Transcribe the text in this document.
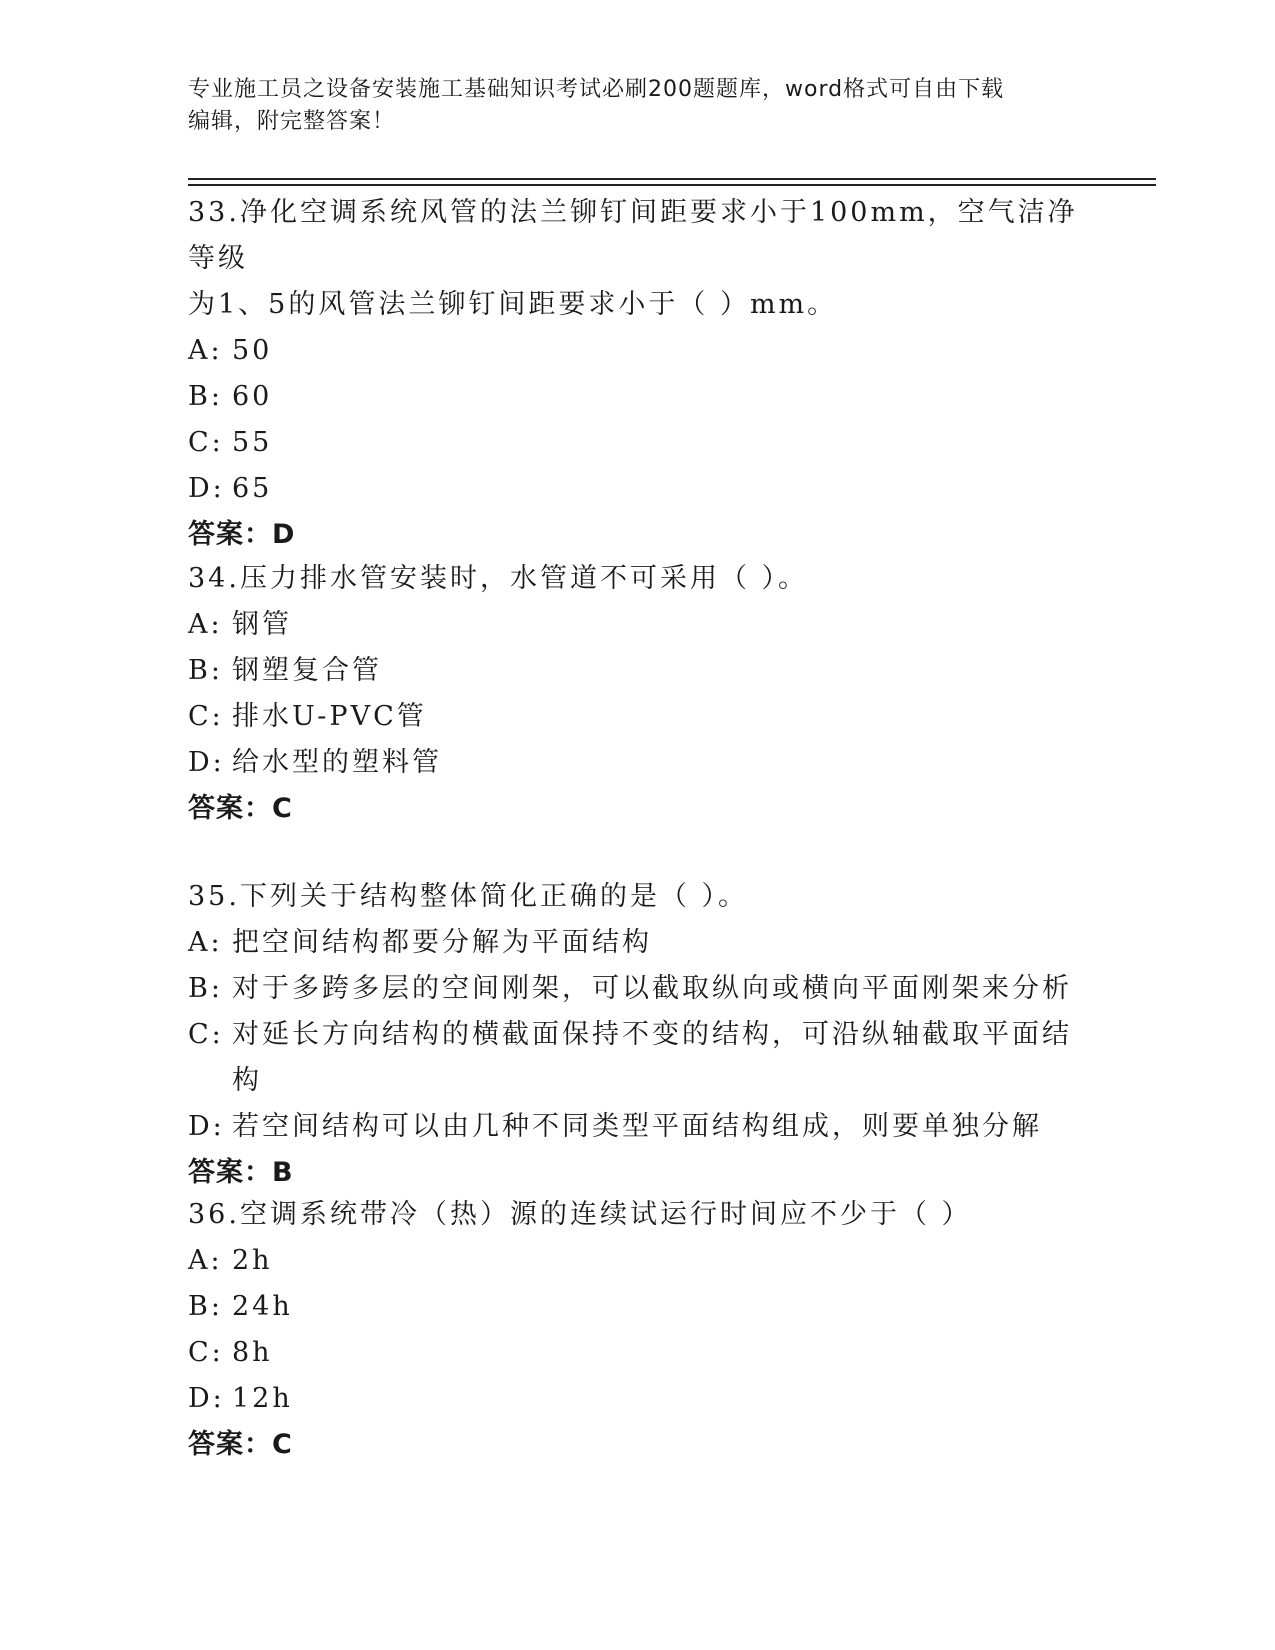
专业施工员之设备安装施工基础知识考试必刷200题题库，word格式可自由下载
编辑，附完整答案！
33.净化空调系统风管的法兰铆钉间距要求小于100mm，空气洁净等级
为1、5的风管法兰铆钉间距要求小于（ ）mm。
A: 50
B: 60
C: 55
D: 65
答案：D
34.压力排水管安装时，水管道不可采用（ ）。
A: 钢管
B: 钢塑复合管
C: 排水U-PVC管
D: 给水型的塑料管
答案：C
35.下列关于结构整体简化正确的是（ ）。
A: 把空间结构都要分解为平面结构
B: 对于多跨多层的空间刚架，可以截取纵向或横向平面刚架来分析
C: 对延长方向结构的横截面保持不变的结构，可沿纵轴截取平面结构
D: 若空间结构可以由几种不同类型平面结构组成，则要单独分解
答案：B
36.空调系统带冷（热）源的连续试运行时间应不少于（ ）
A: 2h
B: 24h
C: 8h
D: 12h
答案：C
